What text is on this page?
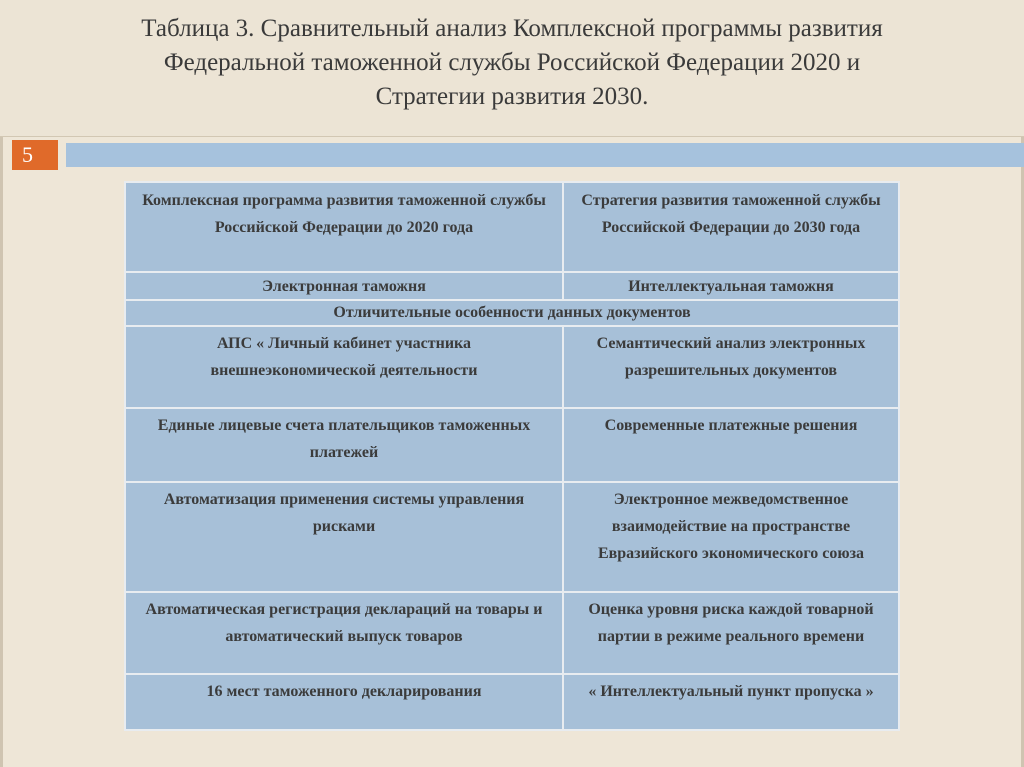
Таблица 3. Сравнительный анализ Комплексной программы развития
Федеральной таможенной службы Российской Федерации 2020 и
Стратегии развития 2030.
5
Комплексная программа развития таможенной службы Российской Федерации до 2020 года	Стратегия развития таможенной службы Российской Федерации до 2030 года
Электронная таможня	Интеллектуальная таможня
Отличительные особенности данных документов	
АПС « Личный кабинет участника внешнеэкономической деятельности	Семантический анализ электронных разрешительных документов
Единые лицевые счета плательщиков таможенных платежей	Современные платежные решения
Автоматизация применения системы управления рисками	Электронное межведомственное взаимодействие на пространстве Евразийского экономического союза
Автоматическая регистрация деклараций на товары и автоматический выпуск товаров	Оценка уровня риска каждой товарной партии в режиме реального времени
16 мест таможенного декларирования	« Интеллектуальный пункт пропуска »
